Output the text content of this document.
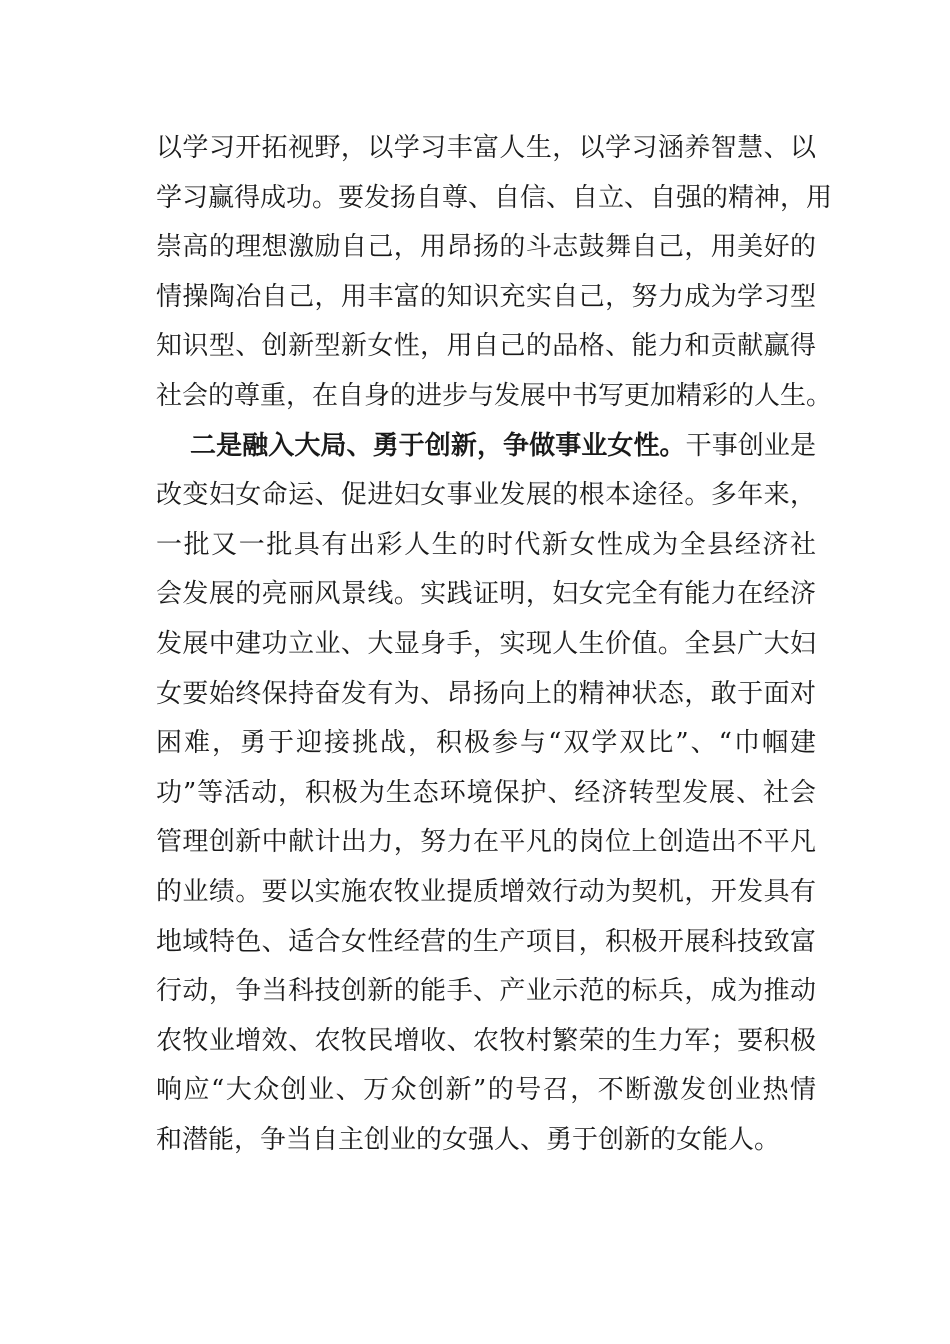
以学习开拓视野，以学习丰富人生，以学习涵养智慧、以
学习赢得成功。要发扬自尊、自信、自立、自强的精神，用
崇高的理想激励自己，用昂扬的斗志鼓舞自己，用美好的
情操陶冶自己，用丰富的知识充实自己，努力成为学习型
知识型、创新型新女性，用自己的品格、能力和贡献赢得
社会的尊重，在自身的进步与发展中书写更加精彩的人生。
二是融入大局、勇于创新，争做事业女性。干事创业是
改变妇女命运、促进妇女事业发展的根本途径。多年来，
一批又一批具有出彩人生的时代新女性成为全县经济社
会发展的亮丽风景线。实践证明，妇女完全有能力在经济
发展中建功立业、大显身手，实现人生价值。全县广大妇
女要始终保持奋发有为、昂扬向上的精神状态，敢于面对
困难，勇于迎接挑战，积极参与“双学双比”、“巾帼建
功”等活动，积极为生态环境保护、经济转型发展、社会
管理创新中献计出力，努力在平凡的岗位上创造出不平凡
的业绩。要以实施农牧业提质增效行动为契机，开发具有
地域特色、适合女性经营的生产项目，积极开展科技致富
行动，争当科技创新的能手、产业示范的标兵，成为推动
农牧业增效、农牧民增收、农牧村繁荣的生力军；要积极
响应“大众创业、万众创新”的号召，不断激发创业热情
和潜能，争当自主创业的女强人、勇于创新的女能人。
